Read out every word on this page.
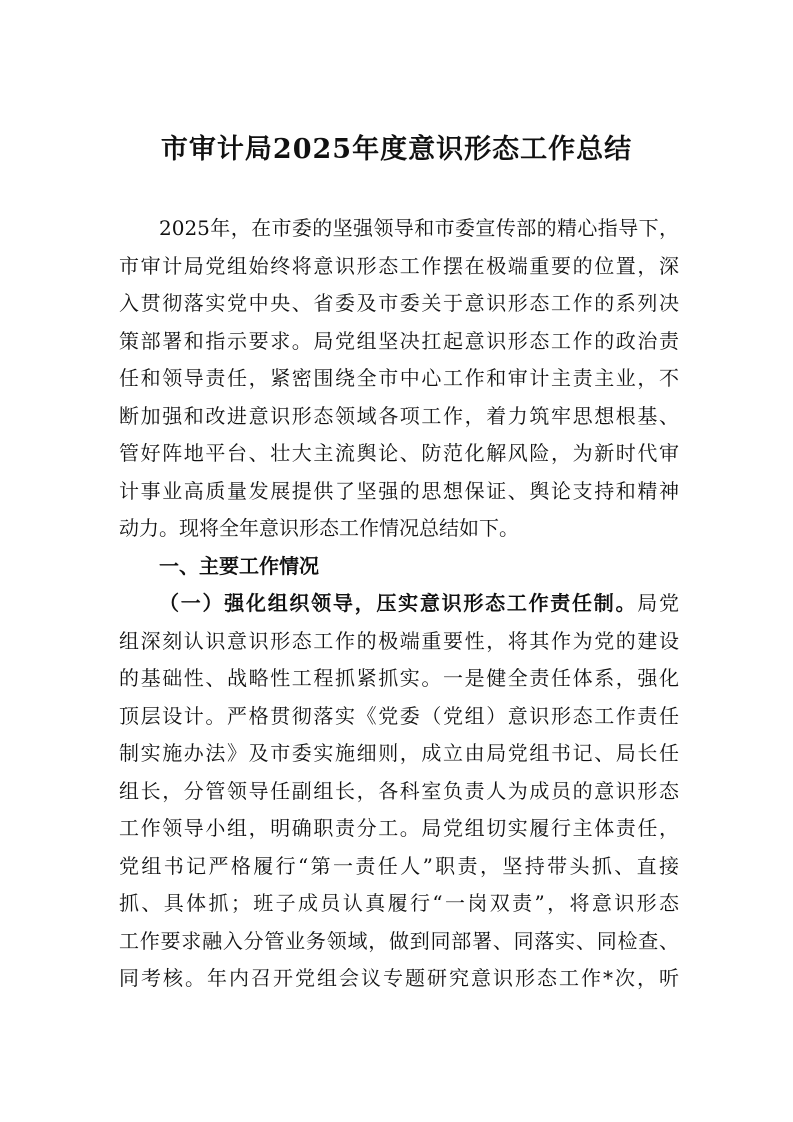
市审计局2025年度意识形态工作总结
2025年，在市委的坚强领导和市委宣传部的精心指导下，
市审计局党组始终将意识形态工作摆在极端重要的位置，深
入贯彻落实党中央、省委及市委关于意识形态工作的系列决
策部署和指示要求。局党组坚决扛起意识形态工作的政治责
任和领导责任，紧密围绕全市中心工作和审计主责主业，不
断加强和改进意识形态领域各项工作，着力筑牢思想根基、
管好阵地平台、壮大主流舆论、防范化解风险，为新时代审
计事业高质量发展提供了坚强的思想保证、舆论支持和精神
动力。现将全年意识形态工作情况总结如下。
一、主要工作情况
（一）强化组织领导，压实意识形态工作责任制。局党
组深刻认识意识形态工作的极端重要性，将其作为党的建设
的基础性、战略性工程抓紧抓实。一是健全责任体系，强化
顶层设计。严格贯彻落实《党委（党组）意识形态工作责任
制实施办法》及市委实施细则，成立由局党组书记、局长任
组长，分管领导任副组长，各科室负责人为成员的意识形态
工作领导小组，明确职责分工。局党组切实履行主体责任，
党组书记严格履行“第一责任人”职责，坚持带头抓、直接
抓、具体抓；班子成员认真履行“一岗双责”，将意识形态
工作要求融入分管业务领域，做到同部署、同落实、同检查、
同考核。年内召开党组会议专题研究意识形态工作*次，听
